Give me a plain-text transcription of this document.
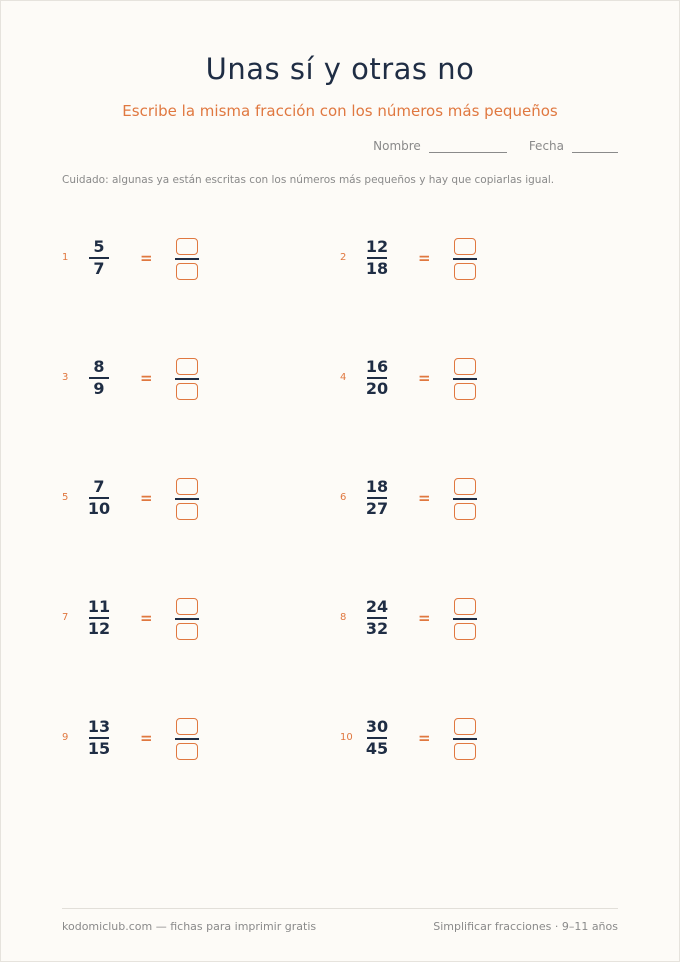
Unas sí y otras no
Escribe la misma fracción con los números más pequeños
Nombre	Fecha
Cuidado: algunas ya están escritas con los números más pequeños y hay que copiarlas igual.
1
5
7
=	2
12
18
=
3
8
9
=	4
16
20
=
5
7
10
=	6
18
27
=
7
11
12
=	8
24
32
=
9
13
15
=	10
30
45
=
kodomiclub.com — fichas para imprimir gratis	Simplificar fracciones · 9–11 años
